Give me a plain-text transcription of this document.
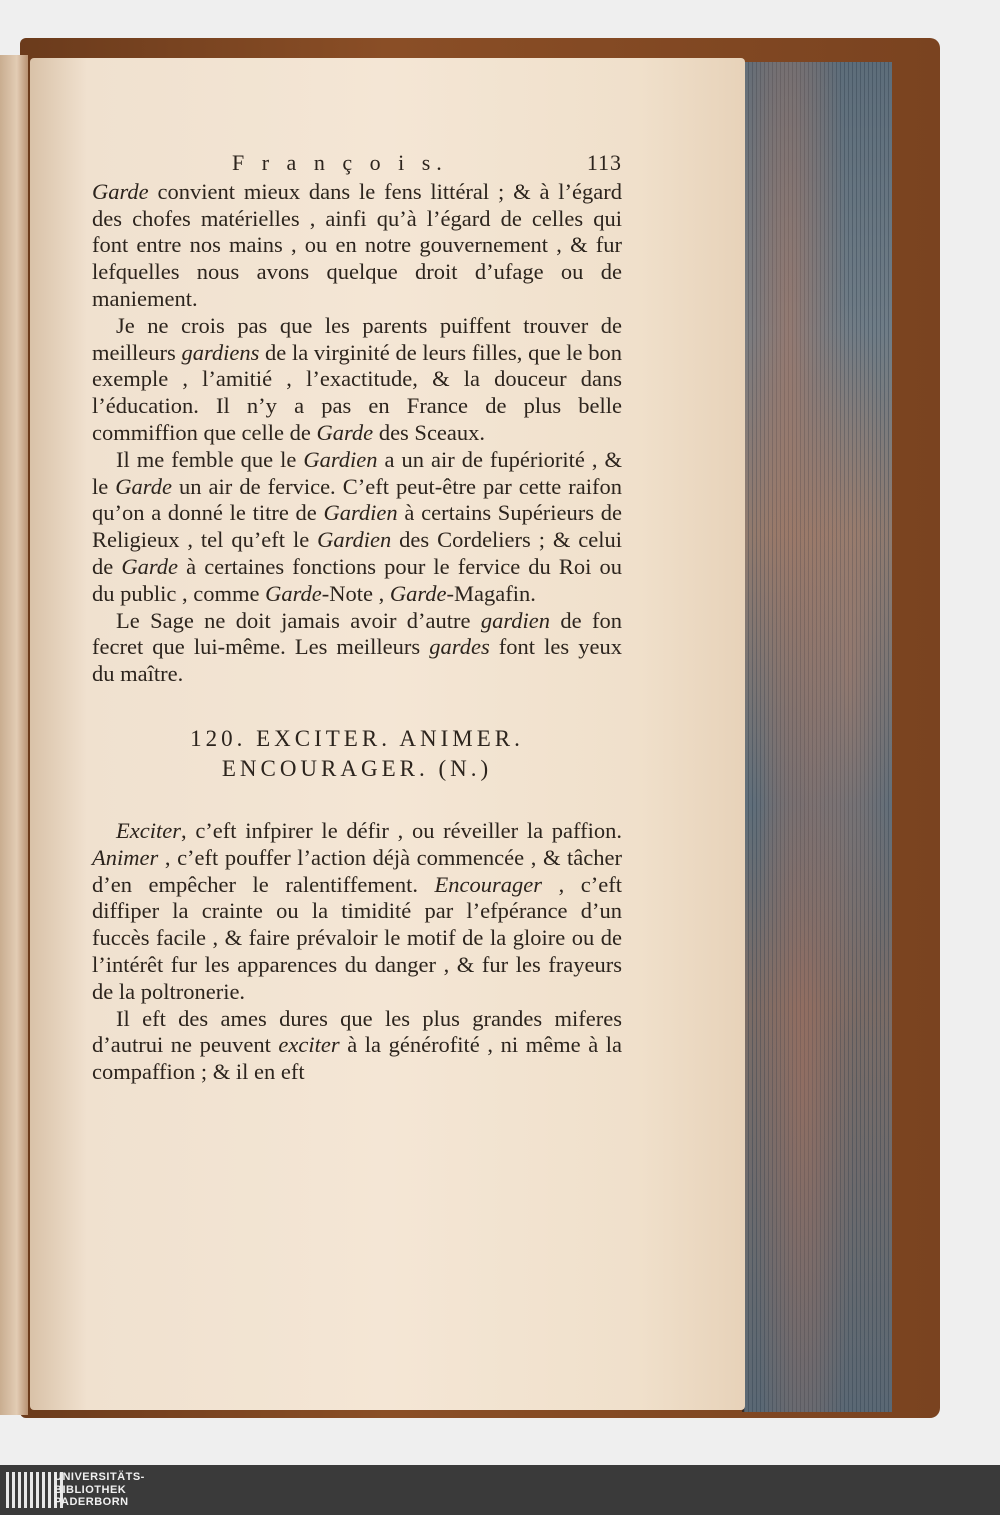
F r a n ç o i s.	113

Garde convient mieux dans le fens littéral ; & à l’égard des chofes matérielles , ainfi qu’à l’égard de celles qui font entre nos mains , ou en notre gouvernement , & fur lefquelles nous avons quelque droit d’ufage ou de maniement.

Je ne crois pas que les parents puiffent trouver de meilleurs gardiens de la virginité de leurs filles, que le bon exemple , l’amitié , l’exactitude, & la douceur dans l’éducation. Il n’y a pas en France de plus belle commiffion que celle de Garde des Sceaux.

Il me femble que le Gardien a un air de fupériorité , & le Garde un air de fervice. C’eft peut-être par cette raifon qu’on a donné le titre de Gardien à certains Supérieurs de Religieux , tel qu’eft le Gardien des Cordeliers ; & celui de Garde à certaines fonctions pour le fervice du Roi ou du public , comme Garde-Note , Garde-Magafin.

Le Sage ne doit jamais avoir d’autre gardien de fon fecret que lui-même. Les meilleurs gardes font les yeux du maître.

120. EXCITER. ANIMER.
ENCOURAGER. (N.)

Exciter, c’eft infpirer le défir , ou réveiller la paffion. Animer , c’eft pouffer l’action déjà commencée , & tâcher d’en empêcher le ralentiffement. Encourager , c’eft diffiper la crainte ou la timidité par l’efpérance d’un fuccès facile , & faire prévaloir le motif de la gloire ou de l’intérêt fur les apparences du danger , & fur les frayeurs de la poltronerie.

Il eft des ames dures que les plus grandes miferes d’autrui ne peuvent exciter à la générofité , ni même à la compaffion ; & il en eft

UNIVERSITÄTS-
BIBLIOTHEK
PADERBORN
